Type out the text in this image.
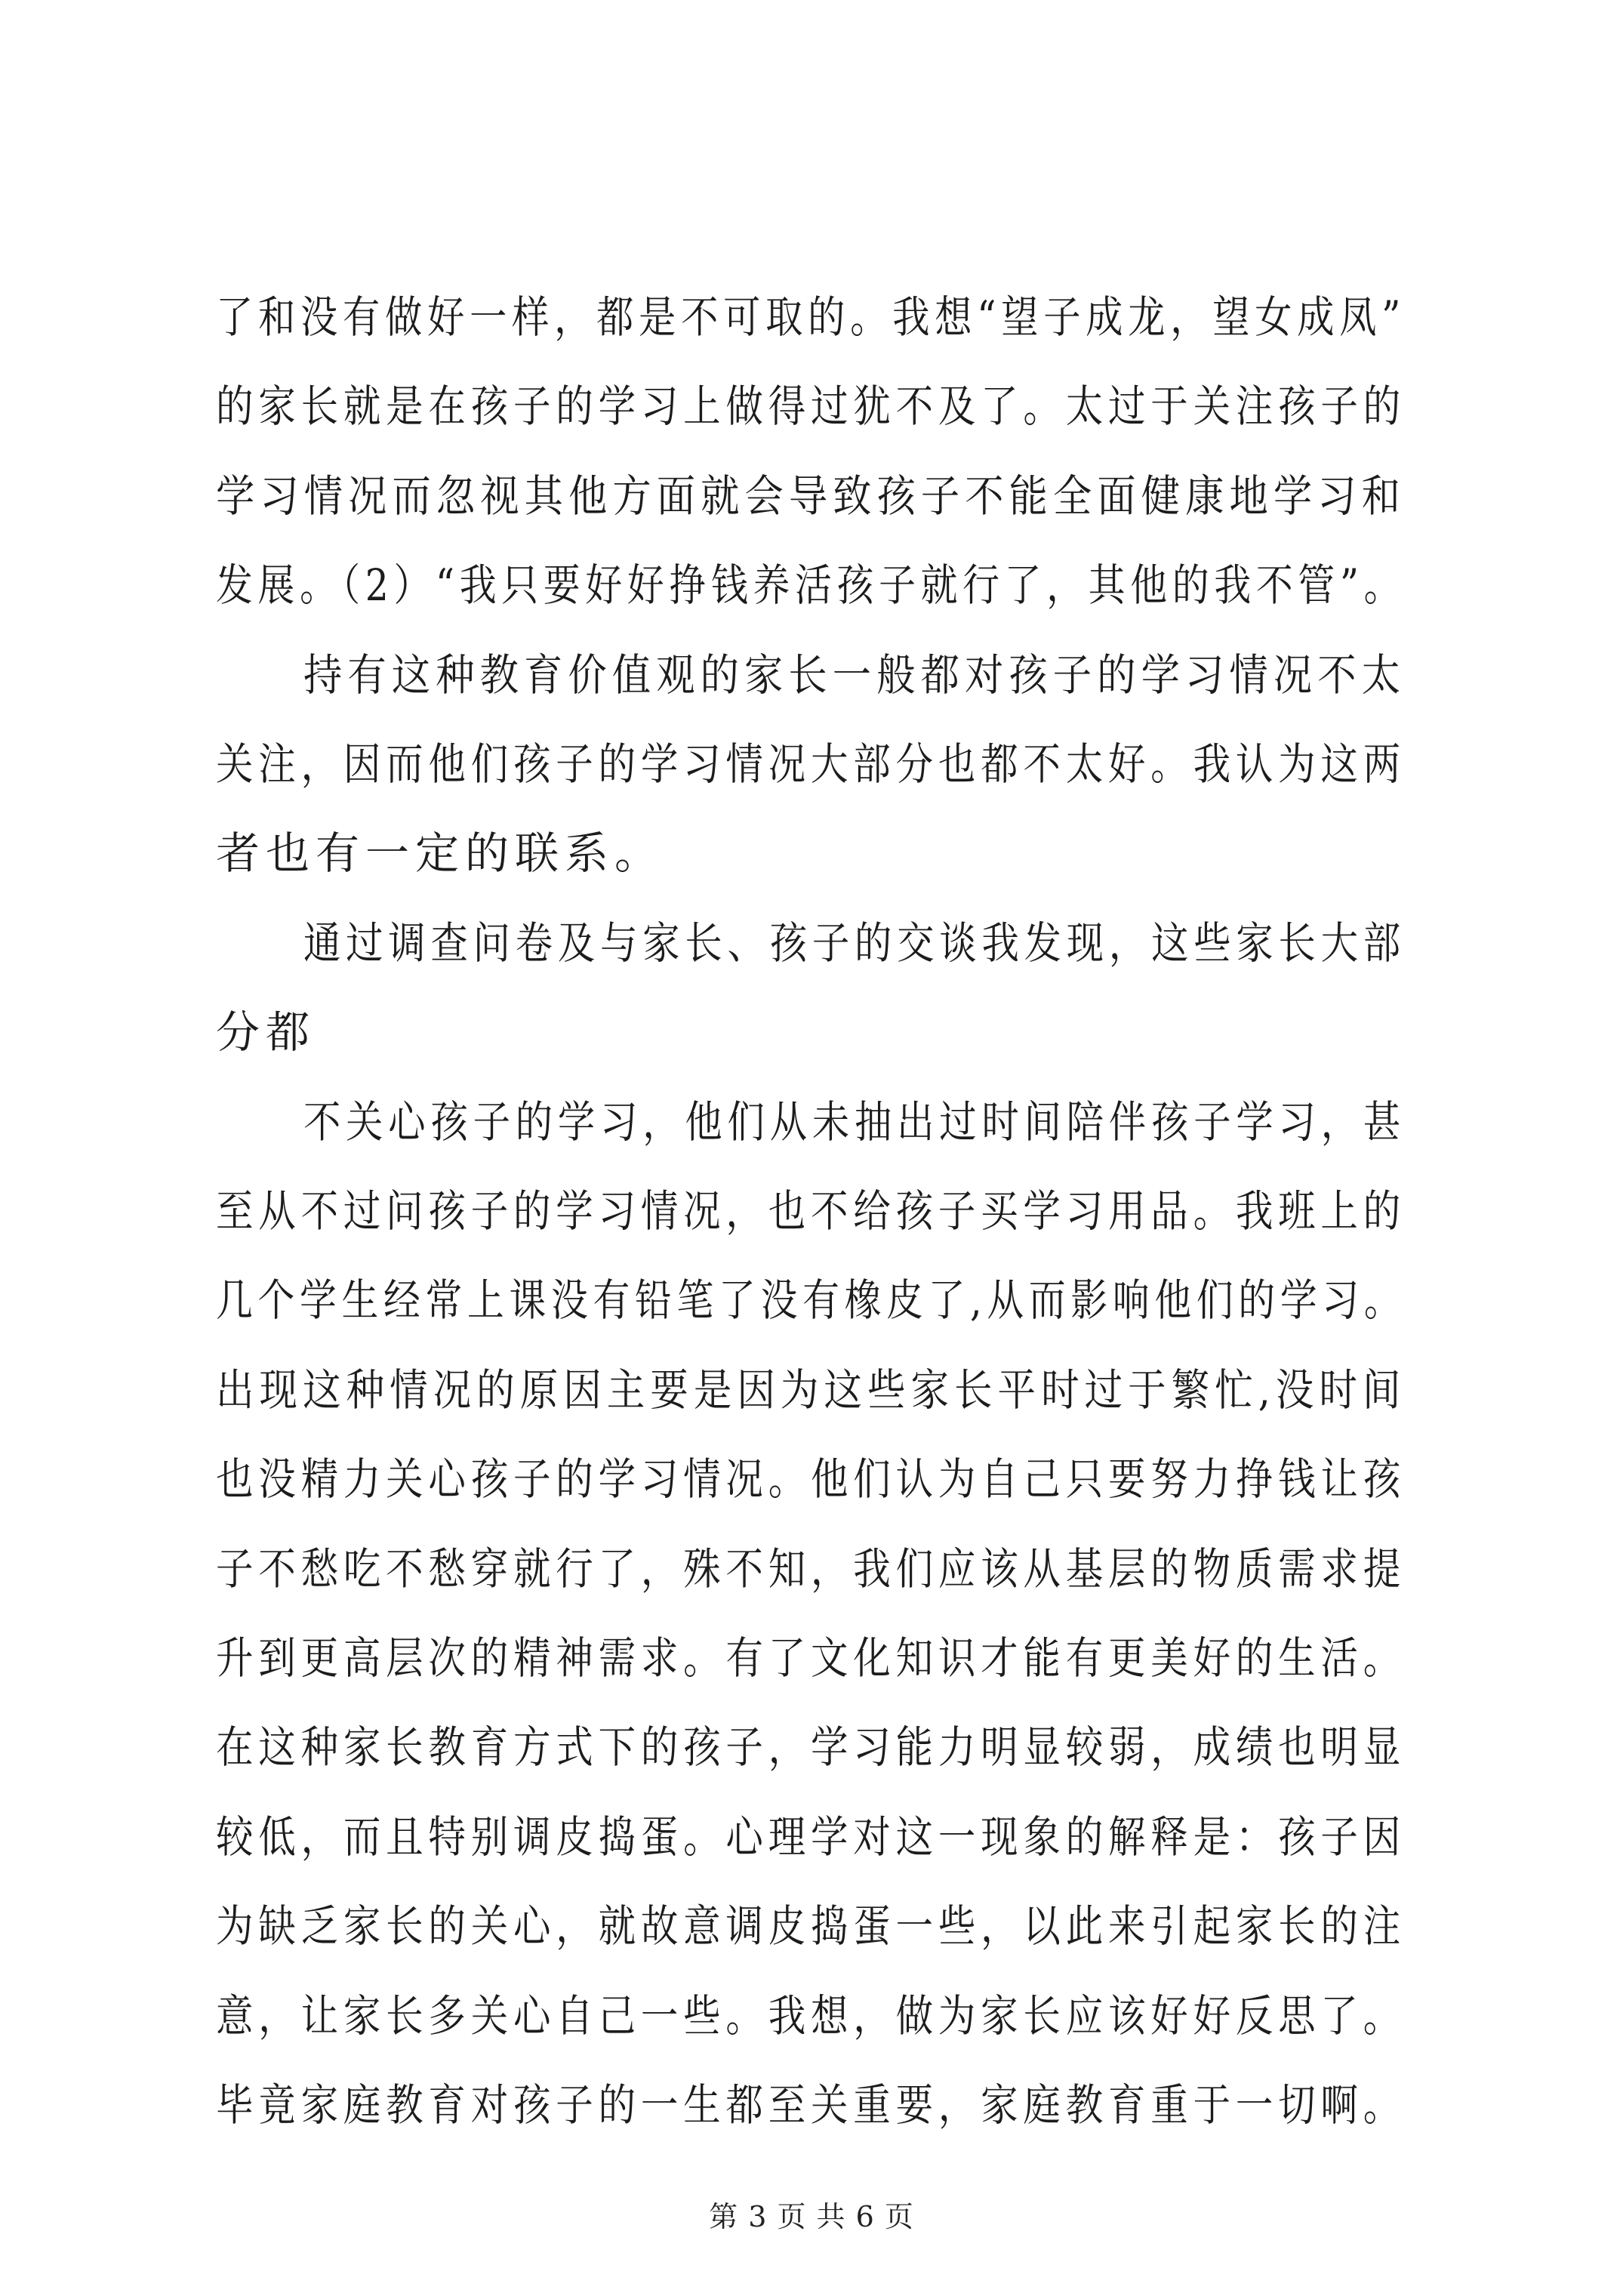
了和没有做好一样，都是不可取的。我想“望子成龙，望女成凤”
的家长就是在孩子的学习上做得过犹不及了。太过于关注孩子的
学习情况而忽视其他方面就会导致孩子不能全面健康地学习和
发展。（2）“我只要好好挣钱养活孩子就行了，其他的我不管”。
持有这种教育价值观的家长一般都对孩子的学习情况不太
关注，因而他们孩子的学习情况大部分也都不太好。我认为这两
者也有一定的联系。
通过调查问卷及与家长、孩子的交谈我发现，这些家长大部
分都
不关心孩子的学习，他们从未抽出过时间陪伴孩子学习，甚
至从不过问孩子的学习情况，也不给孩子买学习用品。我班上的
几个学生经常上课没有铅笔了没有橡皮了,从而影响他们的学习。
出现这种情况的原因主要是因为这些家长平时过于繁忙,没时间
也没精力关心孩子的学习情况。他们认为自己只要努力挣钱让孩
子不愁吃不愁穿就行了，殊不知，我们应该从基层的物质需求提
升到更高层次的精神需求。有了文化知识才能有更美好的生活。
在这种家长教育方式下的孩子，学习能力明显较弱，成绩也明显
较低，而且特别调皮捣蛋。心理学对这一现象的解释是：孩子因
为缺乏家长的关心，就故意调皮捣蛋一些，以此来引起家长的注
意，让家长多关心自己一些。我想，做为家长应该好好反思了。
毕竟家庭教育对孩子的一生都至关重要，家庭教育重于一切啊。
第 3 页 共 6 页
